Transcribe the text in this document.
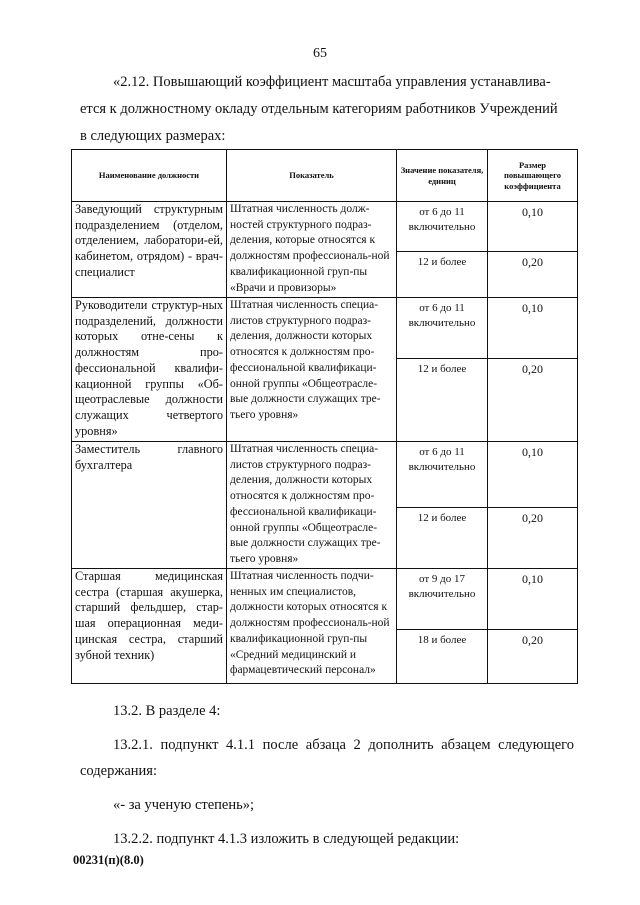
65

«2.12. Повышающий коэффициент масштаба управления устанавлива-
ется к должностному окладу отдельным категориям работников Учреждений
в следующих размерах:

Наименование должности	Показатель	Значение показателя, единиц	Размер повышающего коэффициента
Заведующий структурным подразделением (отделом, отделением, лаборатори-ей, кабинетом, отрядом) - врач-специалист	Штатная численность долж-ностей структурного подраз-деления, которые относятся к должностям профессиональ-ной квалификационной груп-пы «Врачи и провизоры»	от 6 до 11 включительно	0,10
		12 и более	0,20
Руководители структур-ных подразделений, должности которых отне-сены к должностям про-фессиональной квалифи-кационной группы «Об-щеотраслевые должности служащих четвертого уровня»	Штатная численность специа-листов структурного подраз-деления, должности которых относятся к должностям про-фессиональной квалификаци-онной группы «Общеотрасле-вые должности служащих тре-тьего уровня»	от 6 до 11 включительно	0,10
		12 и более	0,20
Заместитель главного бухгалтера	Штатная численность специа-листов структурного подраз-деления, должности которых относятся к должностям про-фессиональной квалификаци-онной группы «Общеотрасле-вые должности служащих тре-тьего уровня»	от 6 до 11 включительно	0,10
		12 и более	0,20
Старшая медицинская сестра (старшая акушерка, старший фельдшер, стар-шая операционная меди-цинская сестра, старший зубной техник)	Штатная численность подчи-ненных им специалистов, должности которых относятся к должностям профессиональ-ной квалификационной груп-пы «Средний медицинский и фармацевтический персонал»	от 9 до 17 включительно	0,10
		18 и более	0,20

13.2. В разделе 4:

13.2.1. подпункт 4.1.1 после абзаца 2 дополнить абзацем следующего содержания:

«- за ученую степень»;

13.2.2. подпункт 4.1.3 изложить в следующей редакции:

00231(п)(8.0)
